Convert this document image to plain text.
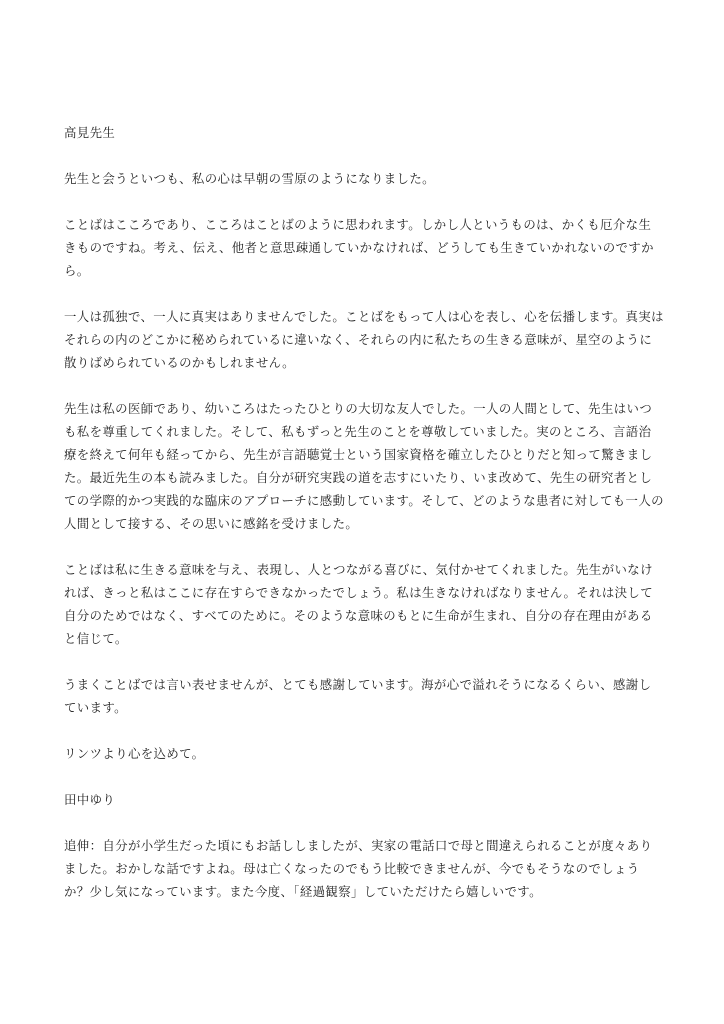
高見先生

先生と会うといつも、私の心は早朝の雪原のようになりました。

ことばはこころであり、こころはことばのように思われます。しかし人というものは、かくも厄介な生きものですね。考え、伝え、他者と意思疎通していかなければ、どうしても生きていかれないのですから。

一人は孤独で、一人に真実はありませんでした。ことばをもって人は心を表し、心を伝播します。真実はそれらの内のどこかに秘められているに違いなく、それらの内に私たちの生きる意味が、星空のように散りばめられているのかもしれません。

先生は私の医師であり、幼いころはたったひとりの大切な友人でした。一人の人間として、先生はいつも私を尊重してくれました。そして、私もずっと先生のことを尊敬していました。実のところ、言語治療を終えて何年も経ってから、先生が言語聴覚士という国家資格を確立したひとりだと知って驚きました。最近先生の本も読みました。自分が研究実践の道を志すにいたり、いま改めて、先生の研究者としての学際的かつ実践的な臨床のアプローチに感動しています。そして、どのような患者に対しても一人の人間として接する、その思いに感銘を受けました。

ことばは私に生きる意味を与え、表現し、人とつながる喜びに、気付かせてくれました。先生がいなければ、きっと私はここに存在すらできなかったでしょう。私は生きなければなりません。それは決して自分のためではなく、すべてのために。そのような意味のもとに生命が生まれ、自分の存在理由があると信じて。

うまくことばでは言い表せませんが、とても感謝しています。海が心で溢れそうになるくらい、感謝しています。

リンツより心を込めて。

田中ゆり

追伸：自分が小学生だった頃にもお話ししましたが、実家の電話口で母と間違えられることが度々ありました。おかしな話ですよね。母は亡くなったのでもう比較できませんが、今でもそうなのでしょうか？少し気になっています。また今度、「経過観察」していただけたら嬉しいです。
